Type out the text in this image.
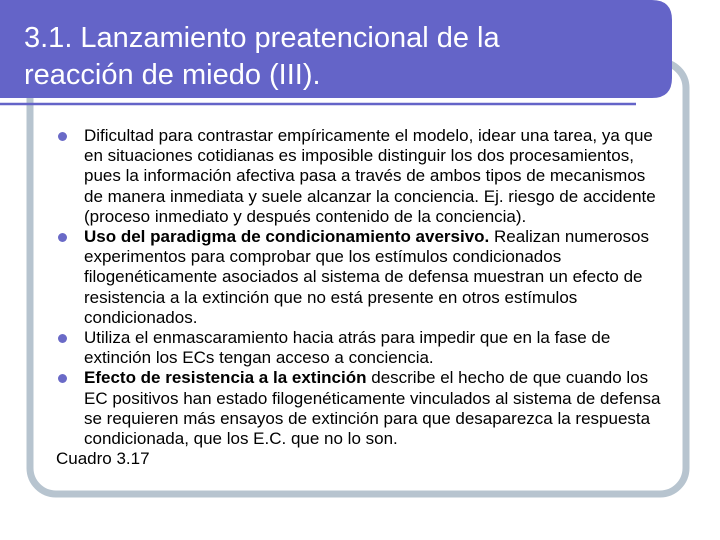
3.1. Lanzamiento preatencional de la
reacción de miedo (III).
Dificultad para contrastar empíricamente el modelo, idear una tarea, ya que en situaciones cotidianas es imposible distinguir los dos procesamientos, pues la información afectiva pasa a través de ambos tipos de mecanismos de manera inmediata y suele alcanzar la conciencia. Ej. riesgo de accidente (proceso inmediato y después contenido de la conciencia).
Uso del paradigma de condicionamiento aversivo. Realizan numerosos experimentos para comprobar que los estímulos condicionados filogenéticamente asociados al sistema de defensa muestran un efecto de resistencia a la extinción que no está presente en otros estímulos condicionados.
Utiliza el enmascaramiento hacia atrás para impedir que en la fase de extinción los ECs tengan acceso a conciencia.
Efecto de resistencia a la extinción describe el hecho de que cuando los EC positivos han estado filogenéticamente vinculados al sistema de defensa se requieren más ensayos de extinción para que desaparezca la respuesta condicionada, que los E.C. que no lo son.
Cuadro 3.17
